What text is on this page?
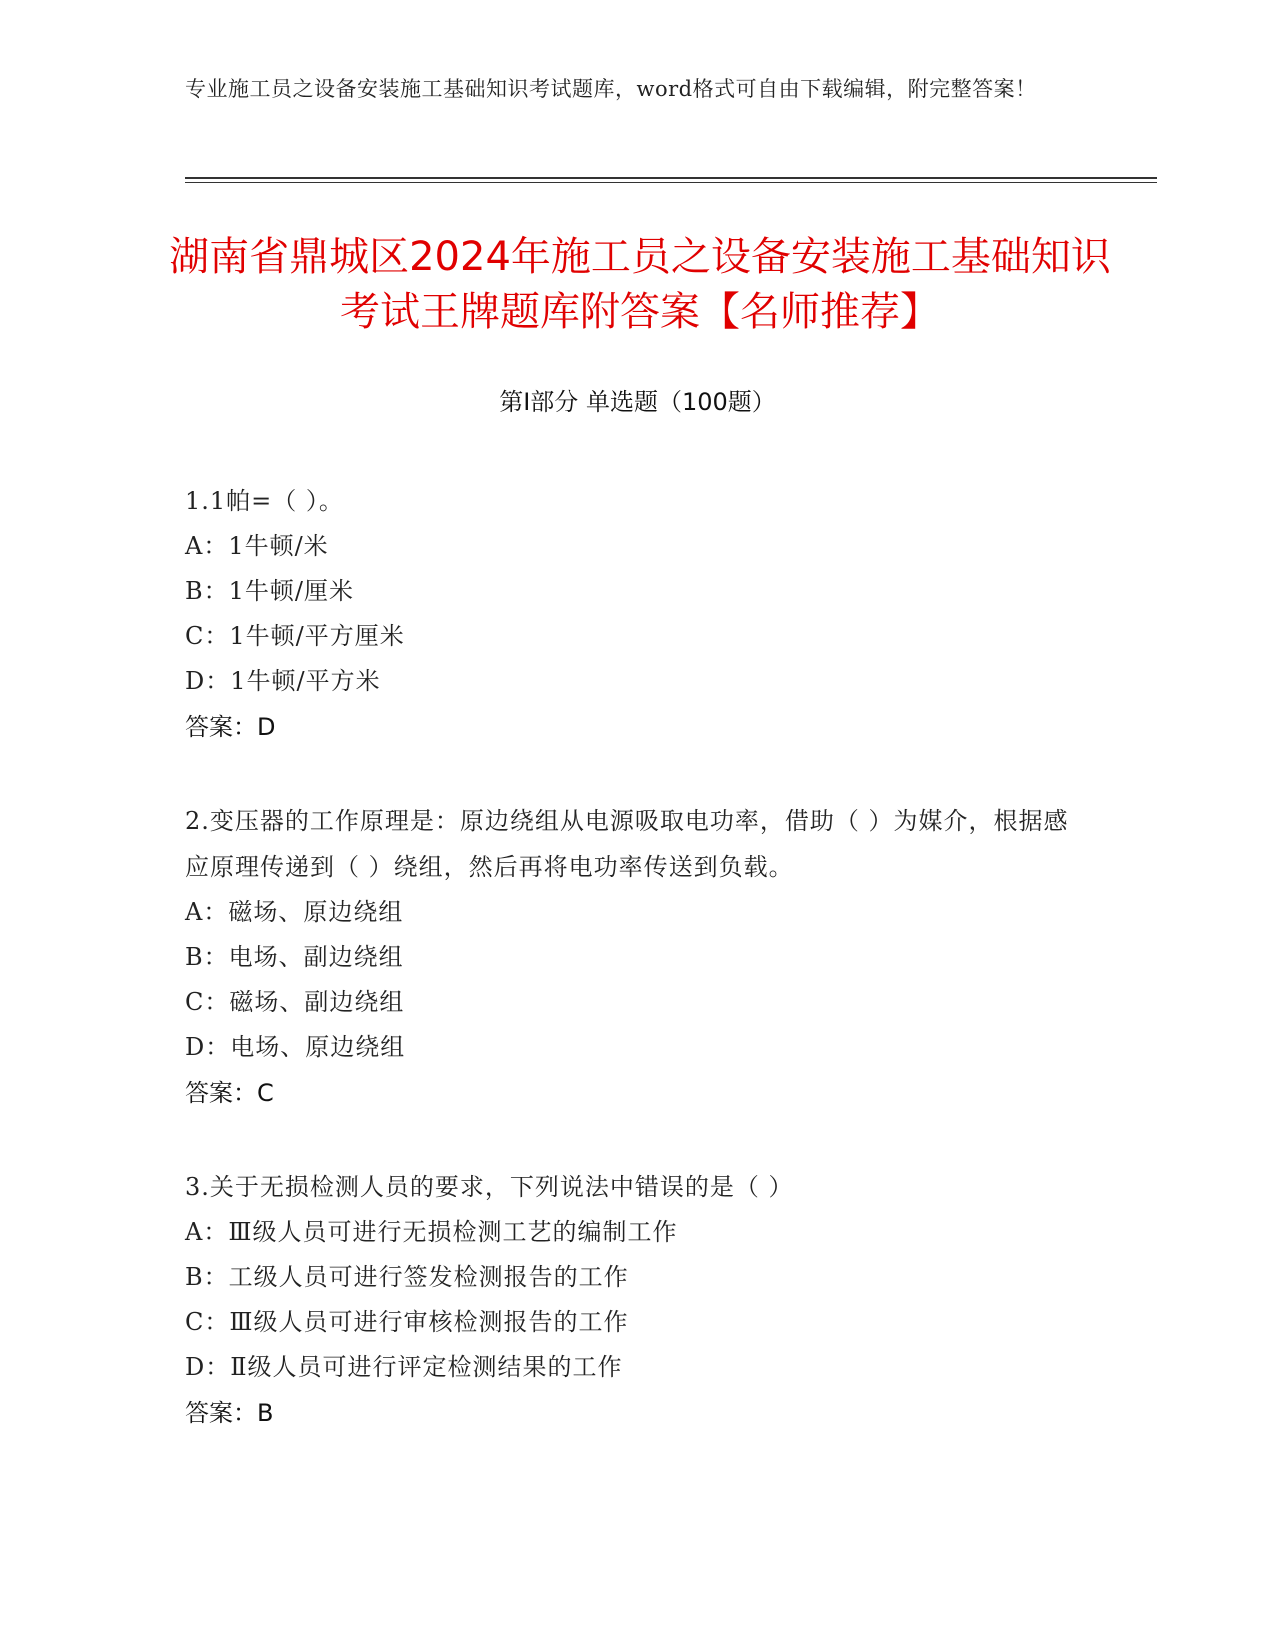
专业施工员之设备安装施工基础知识考试题库，word格式可自由下载编辑，附完整答案！
湖南省鼎城区2024年施工员之设备安装施工基础知识考试王牌题库附答案【名师推荐】
第Ⅰ部分 单选题（100题）
1.1帕=（ ）。
A：1牛顿/米
B：1牛顿/厘米
C：1牛顿/平方厘米
D：1牛顿/平方米
答案：D
2.变压器的工作原理是：原边绕组从电源吸取电功率，借助（ ）为媒介，根据感应原理传递到（ ）绕组，然后再将电功率传送到负载。
A：磁场、原边绕组
B：电场、副边绕组
C：磁场、副边绕组
D：电场、原边绕组
答案：C
3.关于无损检测人员的要求，下列说法中错误的是（ ）
A：Ⅲ级人员可进行无损检测工艺的编制工作
B：工级人员可进行签发检测报告的工作
C：Ⅲ级人员可进行审核检测报告的工作
D：Ⅱ级人员可进行评定检测结果的工作
答案：B
